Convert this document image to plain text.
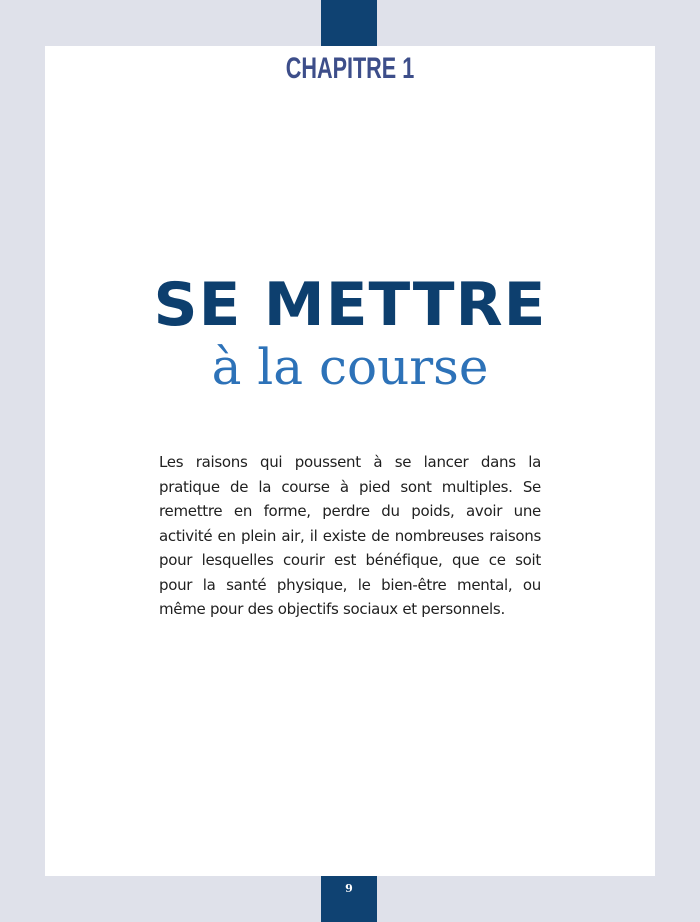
CHAPITRE 1
SE METTRE
à la course
Les raisons qui poussent à se lancer dans la pratique de la course à pied sont multiples. Se remettre en forme, perdre du poids, avoir une activité en plein air, il existe de nombreuses raisons pour lesquelles courir est bénéfique, que ce soit pour la santé physique, le bien-être mental, ou même pour des objectifs sociaux et personnels.
9
